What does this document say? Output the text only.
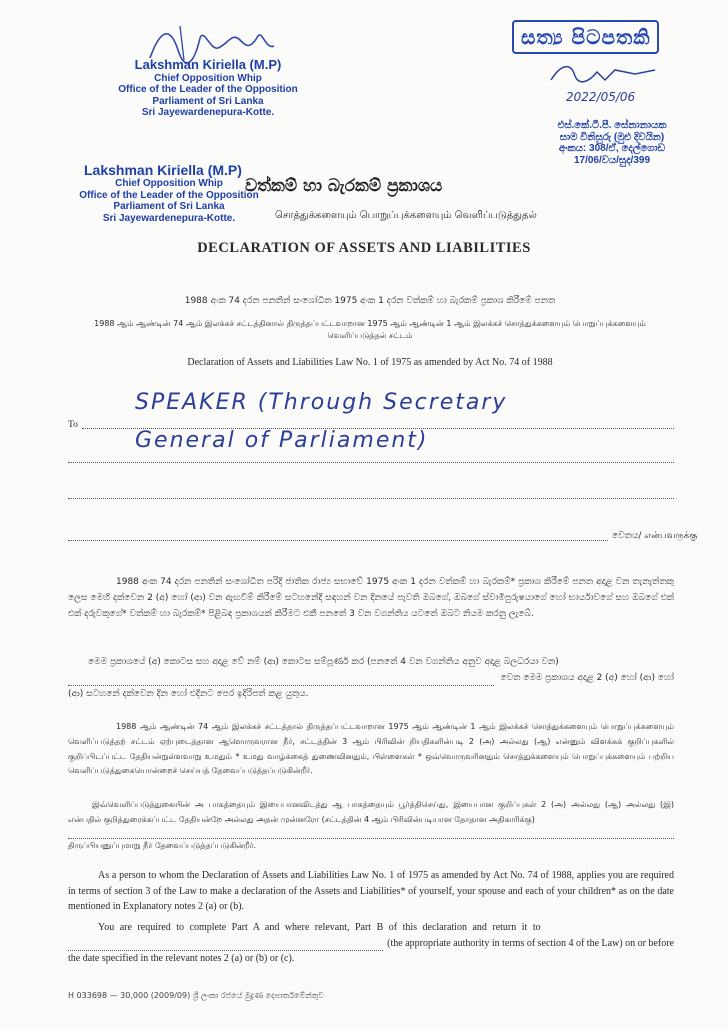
Lakshman Kiriella (M.P)
Chief Opposition Whip
Office of the Leader of the Opposition
Parliament of Sri Lanka
Sri Jayewardenepura-Kotte.
සත්‍ය පිටපතකි
2022/05/06
එස්.කේ.ටී.පී. සේනානායක
සාම විනිසුරු (මුළු දිවයින)
අංකය: 308/ඒ, දෙල්ගොඩ
17/06/වය/සුද/399
Lakshman Kiriella (M.P)
Chief Opposition Whip
Office of the Leader of the Opposition
Parliament of Sri Lanka
Sri Jayewardenepura-Kotte.
වත්කම් හා බැරකම් ප්‍රකාශය
சொத்துக்களையும் பொறுப்புக்களையும் வெளிப்படுத்துதல்
DECLARATION OF ASSETS AND LIABILITIES
1988 අංක 74 දරන පනතින් සංශෝධිත 1975 අංක 1 දරන වත්කම් හා බැරකම් ප්‍රකාශ කිරීමේ පනත
1988 ஆம் ஆண்டின் 74 ஆம் இலக்கச் சட்டத்தினால் திருத்தப்பட்டவாறான 1975 ஆம் ஆண்டின் 1 ஆம் இலக்கச் சொத்துக்களையும் பொறுப்புக்களையும்
வெளிப்படுத்தல் சட்டம்
Declaration of Assets and Liabilities Law No. 1 of 1975 as amended by Act No. 74 of 1988
To
SPEAKER (Through Secretary
General of Parliament)
වෙතය/ என்பவருக்கு
1988 අංක 74 දරන පනතින් සංශෝධිත පරිදි ජාතික රාජ්‍ය සභාවේ 1975 අංක 1 දරන වත්කම් හා බැරකම්* ප්‍රකාශ කිරීමේ පනත අදාළ වන තැනැත්තකු ලෙස මෙහි දක්වෙන 2 (අ) හෝ (ආ) වන ඇඟවීම් කිරීමේ සටහනේදී සඳහන් වන දිනයේ පැවති ඔබගේ, ඔබගේ ස්වාමිපුරුෂයාගේ හෝ භාර්යාවගේ සහ ඔබගේ එක් එක් දරුවකුගේ* වත්කම් හා බැරකම්* පිළිබඳ ප්‍රකාශයක් කිරීමට එකී පනතේ 3 වන වගන්තිය යටතේ ඔබට නියම කරනු ලැබේ.
මෙම ප්‍රකාශයේ (අ) කොටස සහ අදාළ වේ නම් (ආ) කොටස සම්පූර්ණ කර (පනතේ 4 වන වගන්තිය අනුව අදාළ බලධරයා වන)
වෙත මෙම ප්‍රකාශය අදාළ 2 (අ) හෝ (ආ) හෝ
(ආ) සටහනේ දක්වෙන දින හෝ එදිනට පෙර ඉදිරිපත් කළ යුතුය.
1988 ஆம் ஆண்டின் 74 ஆம் இலக்கச் சட்டத்தால் திருத்தப்பட்டவாறான 1975 ஆம் ஆண்டின் 1 ஆம் இலக்கச் சொத்துக்களையும் பொறுப்புக்களையும் வெளிப்படுத்தற் சட்டம் ஏற்புடைத்தான ஆளொருவரான நீர், சட்டத்தின் 3 ஆம் பிரிவின் நியதிகளின்படி 2 (அ) அல்லது (ஆ) என்னும் விளக்கக் குறிப்புகளில் குறிப்பிடப்பட்ட தேதியன்றுள்ளவாறு உமதும் * உமது வாழ்க்கைத் துணைவினதும், பிள்ளைகள் * ஒவ்வொருவரினதும் சொத்துக்களையும் பொறுப்புக்களையும் பற்றிய வெளிப்படுத்துகையொன்றைச் செய்யத் தேவைப்படுத்தப்படுகின்றீர்.
இவ்வெளிப்படுத்துகையின் அ பாகத்தையும் இயைபானவிடத்து ஆ பாகத்தையும் பூர்த்திசெய்து, இயைபான குறிப்புகள் 2 (அ) அல்லது (ஆ) அல்லது (இ) என்பதில் குறித்துரைக்கப்பட்ட தேதியன்றே அல்லது அதன் முன்னரோ (சட்டத்தின் 4 ஆம் பிரிவின்படியான தோதான அதிகாரிக்கு)
திருப்பியனுப்புமாறு நீர் தேவைப்படுத்தப்படுகின்றீர்.
As a person to whom the Declaration of Assets and Liabilities Law No. 1 of 1975 as amended by Act No. 74 of 1988, applies you are required in terms of section 3 of the Law to make a declaration of the Assets and Liabilities* of yourself, your spouse and each of your children* as on the date mentioned in Explanatory notes 2 (a) or (b).
You are required to complete Part A and where relevant, Part B of this declaration and return it to
(the appropriate authority in terms of section 4 of the Law) on or before
the date specified in the relevant notes 2 (a) or (b) or (c).
H 033698 — 30,000 (2009/09) ශ්‍රී ලංකා රජයේ මුද්‍රණ දෙපාර්තමේන්තුව
